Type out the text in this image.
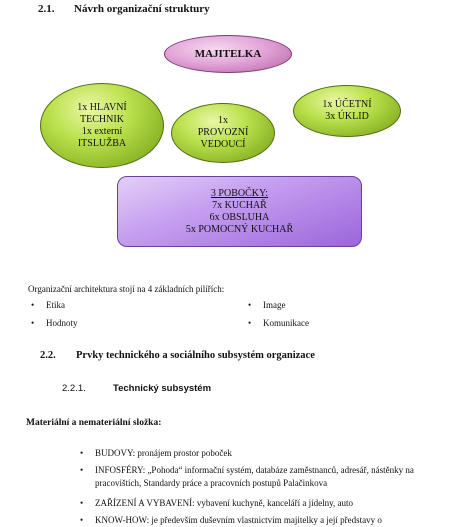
2.1. Návrh organizační struktury
MAJITELKA
1x HLAVNÍ
TECHNIK
1x externí
ITSLUŽBA
1x
PROVOZNÍ
VEDOUCÍ
1x ÚČETNÍ
3x ÚKLID
3 POBOČKY:
7x KUCHAŘ
6x OBSLUHA
5x POMOCNÝ KUCHAŘ
Organizační architektura stojí na 4 základních pilířích:
• Etika	• Image
• Hodnoty	• Komunikace
2.2. Prvky technického a sociálního subsystém organizace
2.2.1.	Technický subsystém
Materiální a nemateriální složka:
• BUDOVY: pronájem prostor poboček
• INFOSFÉRY: „Pohoda“ informační systém, databáze zaměstnanců, adresář, nástěnky na pracovištích, Standardy práce a pracovních postupů Palačinkova
• ZAŘÍZENÍ A VYBAVENÍ: vybavení kuchyně, kanceláří a jídelny, auto
• KNOW-HOW: je především duševním vlastnictvím majitelky a její představy o
